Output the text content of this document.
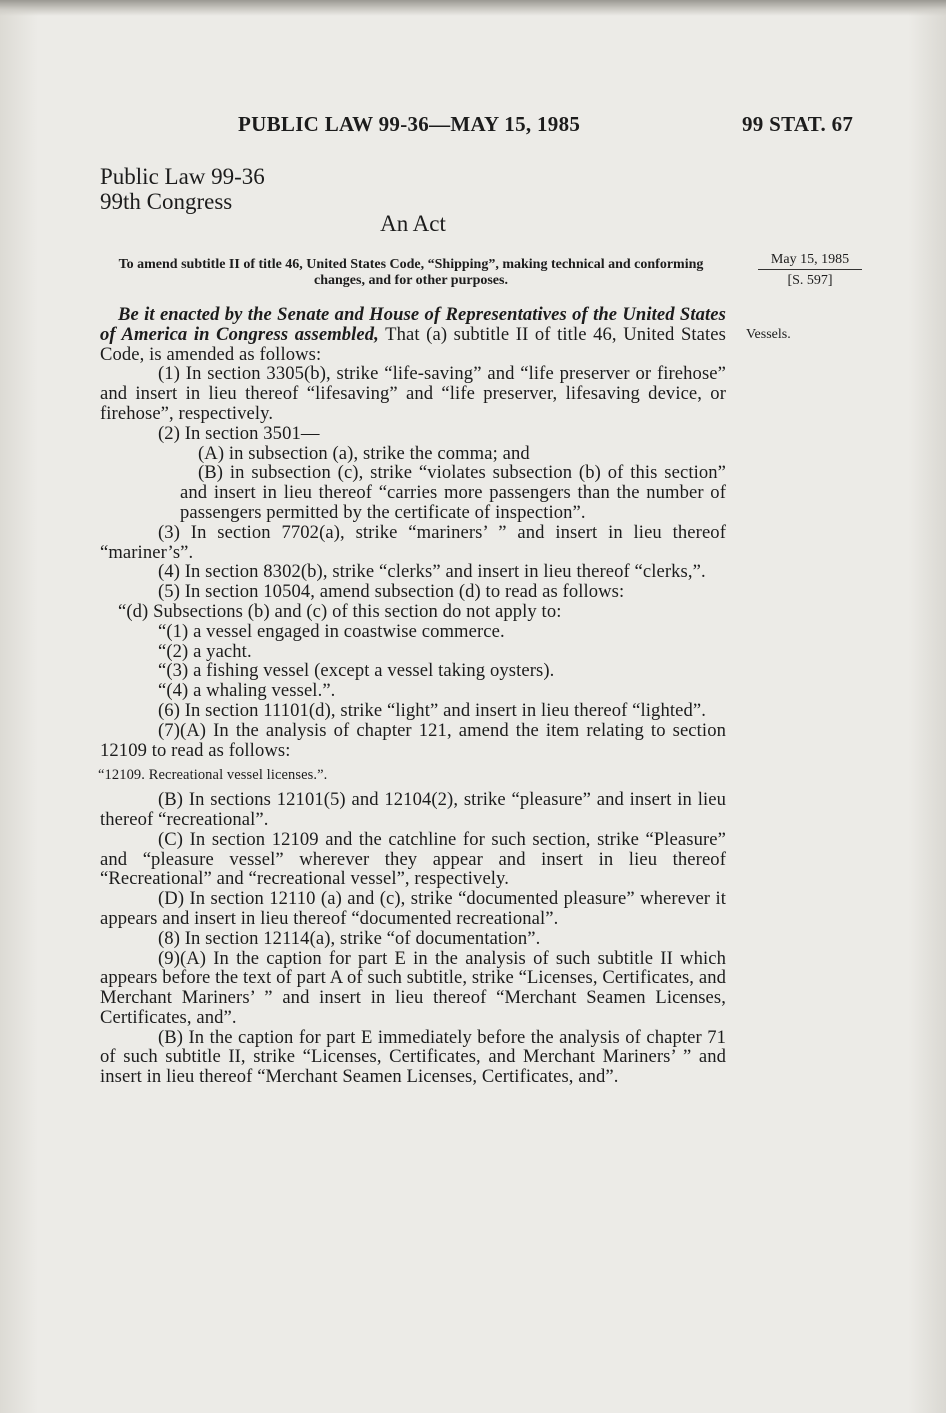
PUBLIC LAW 99-36—MAY 15, 1985	99 STAT. 67
Public Law 99-36
99th Congress
An Act
To amend subtitle II of title 46, United States Code, “Shipping”, making technical and conforming changes, and for other purposes.
May 15, 1985
[S. 597]
Vessels.

Be it enacted by the Senate and House of Representatives of the United States of America in Congress assembled, That (a) subtitle II of title 46, United States Code, is amended as follows:

(1) In section 3305(b), strike “life-saving” and “life preserver or firehose” and insert in lieu thereof “lifesaving” and “life preserver, lifesaving device, or firehose”, respectively.

(2) In section 3501—

(A) in subsection (a), strike the comma; and

(B) in subsection (c), strike “violates subsection (b) of this section” and insert in lieu thereof “carries more passengers than the number of passengers permitted by the certificate of inspection”.

(3) In section 7702(a), strike “mariners’ ” and insert in lieu thereof “mariner’s”.

(4) In section 8302(b), strike “clerks” and insert in lieu thereof “clerks,”.

(5) In section 10504, amend subsection (d) to read as follows:

“(d) Subsections (b) and (c) of this section do not apply to:

“(1) a vessel engaged in coastwise commerce.

“(2) a yacht.

“(3) a fishing vessel (except a vessel taking oysters).

“(4) a whaling vessel.”.

(6) In section 11101(d), strike “light” and insert in lieu thereof “lighted”.

(7)(A) In the analysis of chapter 121, amend the item relating to section 12109 to read as follows:

“12109. Recreational vessel licenses.”.

(B) In sections 12101(5) and 12104(2), strike “pleasure” and insert in lieu thereof “recreational”.

(C) In section 12109 and the catchline for such section, strike “Pleasure” and “pleasure vessel” wherever they appear and insert in lieu thereof “Recreational” and “recreational vessel”, respectively.

(D) In section 12110 (a) and (c), strike “documented pleasure” wherever it appears and insert in lieu thereof “documented recreational”.

(8) In section 12114(a), strike “of documentation”.

(9)(A) In the caption for part E in the analysis of such subtitle II which appears before the text of part A of such subtitle, strike “Licenses, Certificates, and Merchant Mariners’ ” and insert in lieu thereof “Merchant Seamen Licenses, Certificates, and”.

(B) In the caption for part E immediately before the analysis of chapter 71 of such subtitle II, strike “Licenses, Certificates, and Merchant Mariners’ ” and insert in lieu thereof “Merchant Seamen Licenses, Certificates, and”.
